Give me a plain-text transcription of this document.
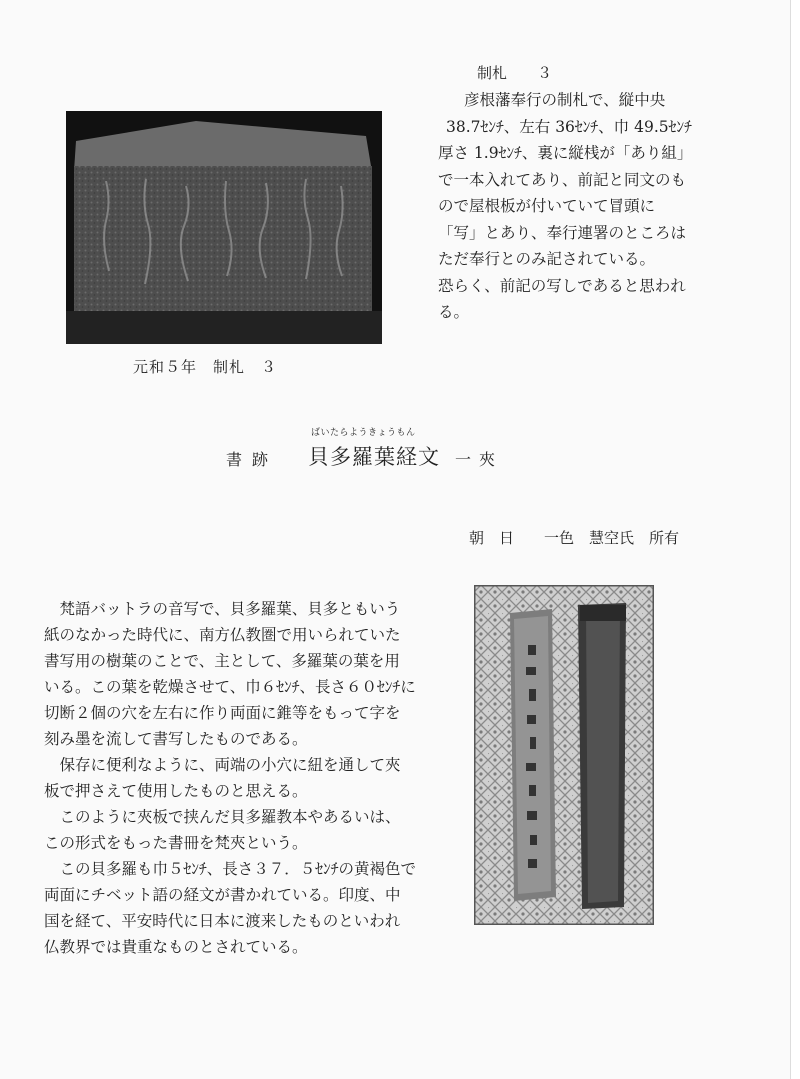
元和５年　制札　３
制札　　３

彦根藩奉行の制札で、縦中央

38.7ｾﾝﾁ、左右 36ｾﾝﾁ、巾 49.5ｾﾝﾁ

厚さ 1.9ｾﾝﾁ、裏に縦桟が「あり組」

で一本入れてあり、前記と同文のも

ので屋根板が付いていて冒頭に

「写」とあり、奉行連署のところは

ただ奉行とのみ記されている。

恐らく、前記の写しであると思われ

る。

書跡
ばいたらようきょうもん
貝多羅葉経文 一夾
朝　日　　一色　慧空氏　所有

　梵語バットラの音写で、貝多羅葉、貝多ともいう

紙のなかった時代に、南方仏教圏で用いられていた

書写用の樹葉のことで、主として、多羅葉の葉を用

いる。この葉を乾燥させて、巾６ｾﾝﾁ、長さ６０ｾﾝﾁに

切断２個の穴を左右に作り両面に錐等をもって字を

刻み墨を流して書写したものである。

　保存に便利なように、両端の小穴に紐を通して夾

板で押さえて使用したものと思える。

　このように夾板で挟んだ貝多羅教本やあるいは、

この形式をもった書冊を梵夾という。

　この貝多羅も巾５ｾﾝﾁ、長さ３７．５ｾﾝﾁの黄褐色で

両面にチベット語の経文が書かれている。印度、中

国を経て、平安時代に日本に渡来したものといわれ

仏教界では貴重なものとされている。
